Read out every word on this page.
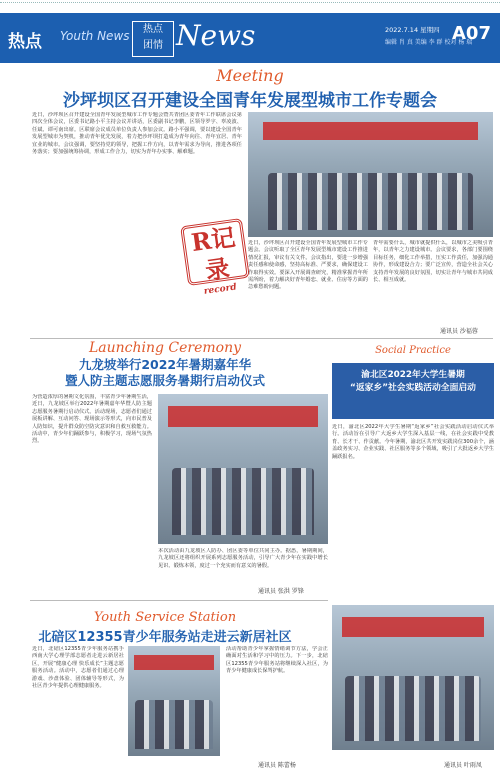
热点 Youth News	热点
团情 News	2022.7.14 星期四
编辑 肖 真 美编 李 群 校对 杨 瑞
A07
Meeting
沙坪坝区召开建设全国青年发展型城市工作专题会
近日，沙坪坝区召开建设全国青年发展型城市工作专题会暨共青团区委青年工作联席会议第四次全体会议，区委书记路小平主持会议并讲话，区委副书记李鹏，区领导罗宇、辜凌波、任斌、谭可南出席。区联席会议成员单位负责人参加会议。路小平强调，要以建设全国青年发展型城市为契机，推动青年优先发展，着力把沙坪坝打造成为青年向往、青年宜居、青年宜业的城市。会议强调，要坚持党的领导，把握工作方向，以青年需求为导向，推进各项任务落实；要加强统筹协调，形成工作合力，切实为青年办实事、解难题。
R记录
record
近日，沙坪坝区召开建设全国青年发展型城市工作专题会。会议听取了全区青年发展型城市建设工作推进情况汇报，审议有关文件。会议指出，要进一步增强责任感和使命感，坚持高标准、严要求，确保建设工作取得实效。要深入开展调查研究，精准掌握青年所需所盼，着力解决好青年婚恋、就业、住房等方面的急难愁盼问题。
青年需要什么，城市就提供什么，以城市之美吸引青年，以青年之力建设城市。会议要求，各部门要围绕目标任务，细化工作举措，压实工作责任，加强沟通协作，形成建设合力；要广泛宣传，营造全社会关心支持青年发展的良好氛围，切实让青年与城市共同成长、相互成就。
通讯员 沙福蓉
Launching Ceremony
九龙坡举行2022年暑期嘉年华
暨人防主题志愿服务暑期行启动仪式
为营造浓厚的暑期文化氛围，丰富青少年暑期生活，近日，九龙坡区举行2022年暑期嘉年华暨人防主题志愿服务暑期行启动仪式。活动现场，志愿者们通过展板讲解、互动问答、现场演示等形式，向市民普及人防知识，提升群众防空防灾意识和自救互救能力。活动中，青少年们踊跃参与，积极学习，现场气氛热烈。
本次活动由九龙坡区人防办、团区委等单位共同主办。据悉，暑期期间，九龙坡区还将组织开展系列志愿服务活动，引导广大青少年在实践中增长见识、锻炼本领，度过一个充实而有意义的暑假。
通讯员 张洪 罗锋
Social Practice
渝北区2022年大学生暑期
“返家乡”社会实践活动全面启动
近日，渝北区2022年大学生暑期“返家乡”社会实践活动启动仪式举行。活动旨在引导广大返乡大学生深入基层一线，在社会实践中受教育、长才干、作贡献。今年暑期，渝北区共开发实践岗位300余个，涵盖政务实习、企业实践、社区服务等多个领域，吸引了大批返乡大学生踊跃报名。
通讯员 叶雨凤
Youth Service Station
北碚区12355青少年服务站走进云新居社区
近日，北碚区12355青少年服务站携手西南大学心理学部志愿者走进云新居社区，开展“健康心理 快乐成长”主题志愿服务活动。活动中，志愿者们通过心理游戏、沙盘体验、团体辅导等形式，为社区青少年提供心理健康服务。
活动帮助青少年掌握情绪调节方法，学会正确面对生活和学习中的压力。下一步，北碚区12355青少年服务站将继续深入社区，为青少年健康成长保驾护航。
通讯员 陈蕾杨
